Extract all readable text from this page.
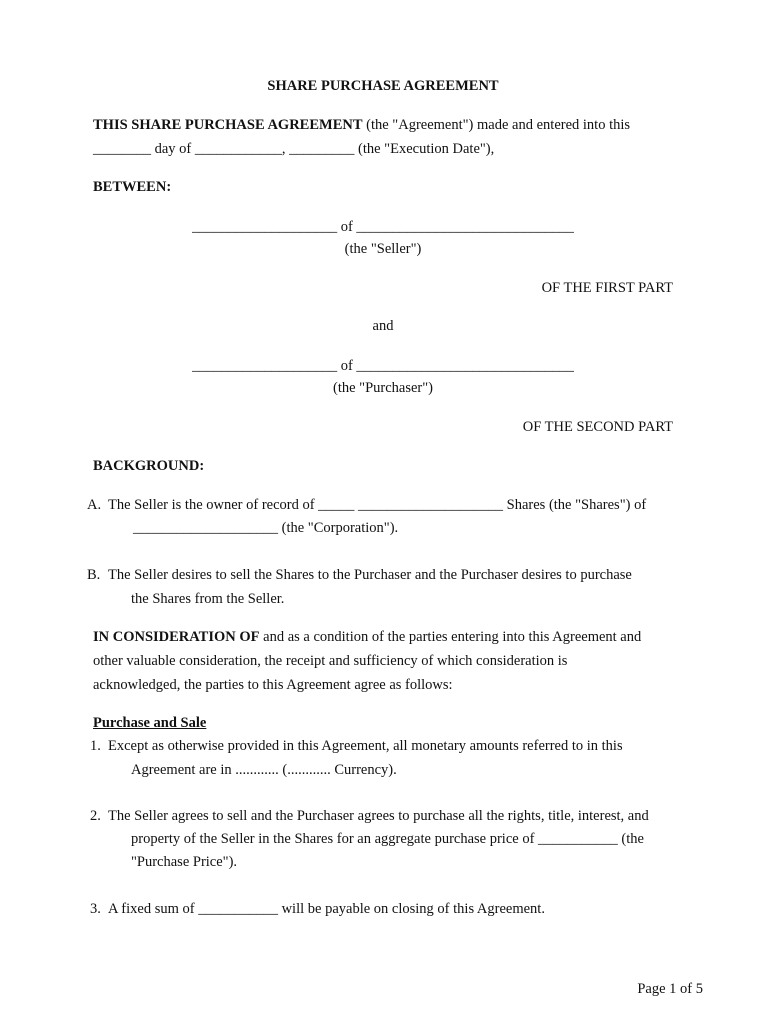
SHARE PURCHASE AGREEMENT
THIS SHARE PURCHASE AGREEMENT (the "Agreement") made and entered into this
________ day of ____________, _________ (the "Execution Date"),
BETWEEN:
____________________ of ______________________________
(the "Seller")
OF THE FIRST PART
and
____________________ of ______________________________
(the "Purchaser")
OF THE SECOND PART
BACKGROUND:
A. The Seller is the owner of record of _____ ____________________ Shares (the "Shares") of
____________________ (the "Corporation").
B. The Seller desires to sell the Shares to the Purchaser and the Purchaser desires to purchase
the Shares from the Seller.
IN CONSIDERATION OF and as a condition of the parties entering into this Agreement and
other valuable consideration, the receipt and sufficiency of which consideration is
acknowledged, the parties to this Agreement agree as follows:
Purchase and Sale
1. Except as otherwise provided in this Agreement, all monetary amounts referred to in this
Agreement are in ............ (............ Currency).
2. The Seller agrees to sell and the Purchaser agrees to purchase all the rights, title, interest, and
property of the Seller in the Shares for an aggregate purchase price of ___________ (the
"Purchase Price").
3. A fixed sum of ___________ will be payable on closing of this Agreement.
Page 1 of 5
